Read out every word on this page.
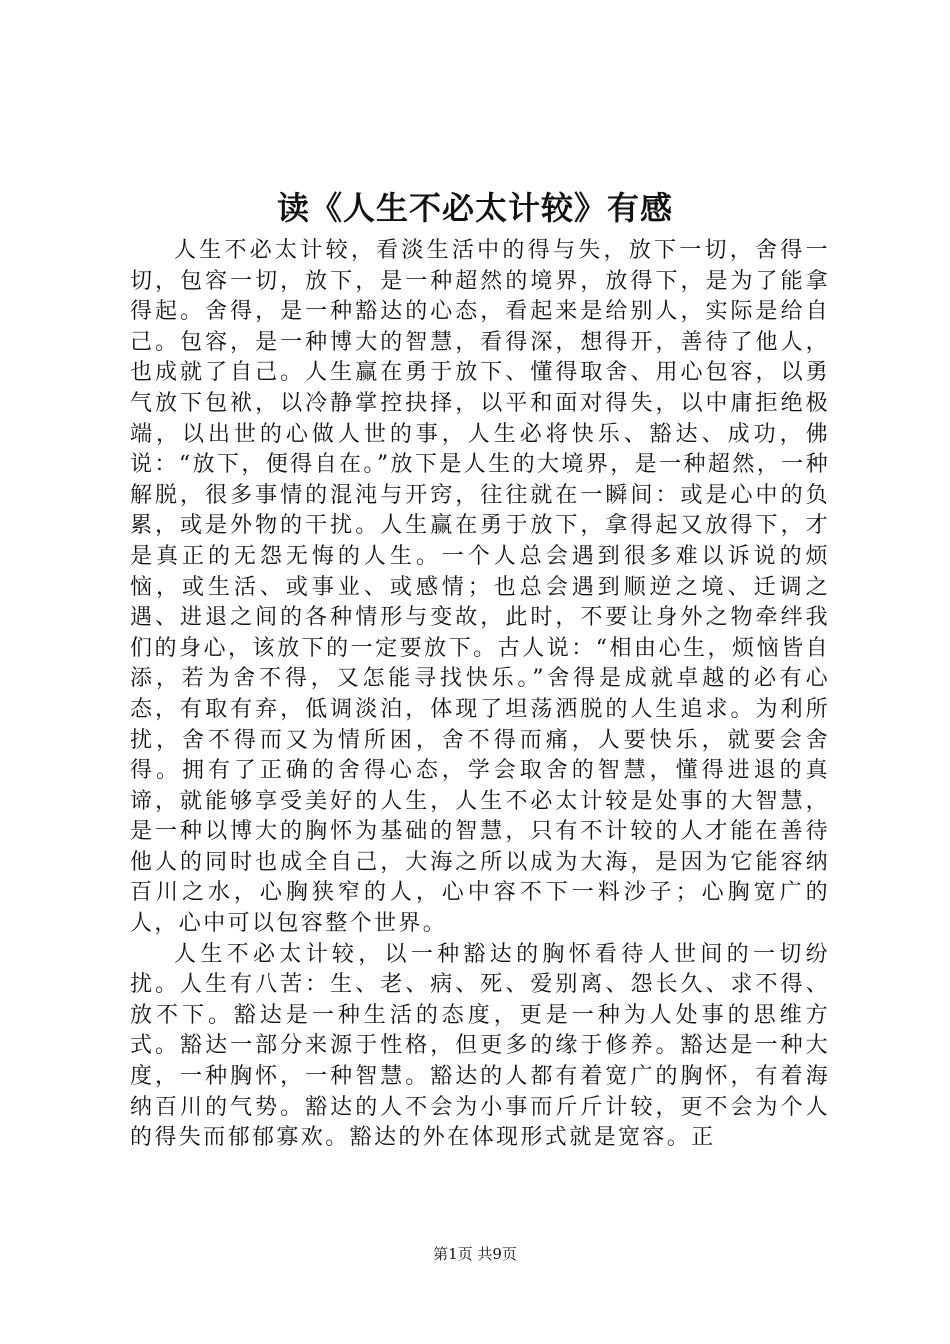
读《人生不必太计较》有感

人生不必太计较，看淡生活中的得与失，放下一切，舍得一切，包容一切，放下，是一种超然的境界，放得下，是为了能拿得起。舍得，是一种豁达的心态，看起来是给别人，实际是给自己。包容，是一种博大的智慧，看得深，想得开，善待了他人，也成就了自己。人生赢在勇于放下、懂得取舍、用心包容，以勇气放下包袱，以冷静掌控抉择，以平和面对得失，以中庸拒绝极端，以出世的心做人世的事，人生必将快乐、豁达、成功，佛说：“放下，便得自在。”放下是人生的大境界，是一种超然，一种解脱，很多事情的混沌与开窍，往往就在一瞬间：或是心中的负累，或是外物的干扰。人生赢在勇于放下，拿得起又放得下，才是真正的无怨无悔的人生。一个人总会遇到很多难以诉说的烦恼，或生活、或事业、或感情；也总会遇到顺逆之境、迁调之遇、进退之间的各种情形与变故，此时，不要让身外之物牵绊我们的身心，该放下的一定要放下。古人说：“相由心生，烦恼皆自添，若为舍不得，又怎能寻找快乐。”舍得是成就卓越的必有心态，有取有弃，低调淡泊，体现了坦荡洒脱的人生追求。为利所扰，舍不得而又为情所困，舍不得而痛，人要快乐，就要会舍得。拥有了正确的舍得心态，学会取舍的智慧，懂得进退的真谛，就能够享受美好的人生，人生不必太计较是处事的大智慧，是一种以博大的胸怀为基础的智慧，只有不计较的人才能在善待他人的同时也成全自己，大海之所以成为大海，是因为它能容纳百川之水，心胸狭窄的人，心中容不下一料沙子；心胸宽广的人，心中可以包容整个世界。

人生不必太计较，以一种豁达的胸怀看待人世间的一切纷扰。人生有八苦：生、老、病、死、爱别离、怨长久、求不得、放不下。豁达是一种生活的态度，更是一种为人处事的思维方式。豁达一部分来源于性格，但更多的缘于修养。豁达是一种大度，一种胸怀，一种智慧。豁达的人都有着宽广的胸怀，有着海纳百川的气势。豁达的人不会为小事而斤斤计较，更不会为个人的得失而郁郁寡欢。豁达的外在体现形式就是宽容。正

第1页 共9页
